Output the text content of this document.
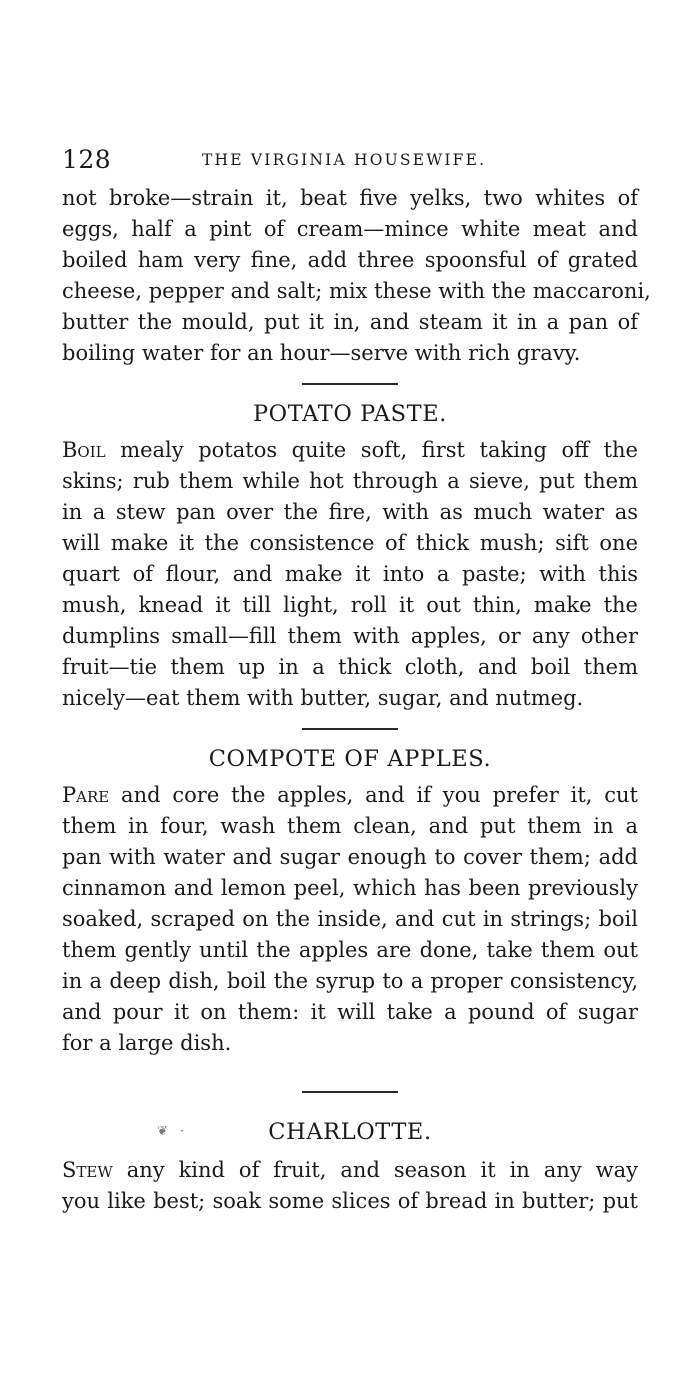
128	THE VIRGINIA HOUSEWIFE.
not broke—strain it, beat five yelks, two whites of
eggs, half a pint of cream—mince white meat and
boiled ham very fine, add three spoonsful of grated
cheese, pepper and salt; mix these with the maccaroni,
butter the mould, put it in, and steam it in a pan of
boiling water for an hour—serve with rich gravy.
POTATO PASTE.
Boil mealy potatos quite soft, first taking off the
skins; rub them while hot through a sieve, put them
in a stew pan over the fire, with as much water as
will make it the consistence of thick mush; sift one
quart of flour, and make it into a paste; with this
mush, knead it till light, roll it out thin, make the
dumplins small—fill them with apples, or any other
fruit—tie them up in a thick cloth, and boil them
nicely—eat them with butter, sugar, and nutmeg.
COMPOTE OF APPLES.
Pare and core the apples, and if you prefer it, cut
them in four, wash them clean, and put them in a
pan with water and sugar enough to cover them; add
cinnamon and lemon peel, which has been previously
soaked, scraped on the inside, and cut in strings; boil
them gently until the apples are done, take them out
in a deep dish, boil the syrup to a proper consistency,
and pour it on them: it will take a pound of sugar
for a large dish.
❦ ·	CHARLOTTE.
Stew any kind of fruit, and season it in any way
you like best; soak some slices of bread in butter; put
